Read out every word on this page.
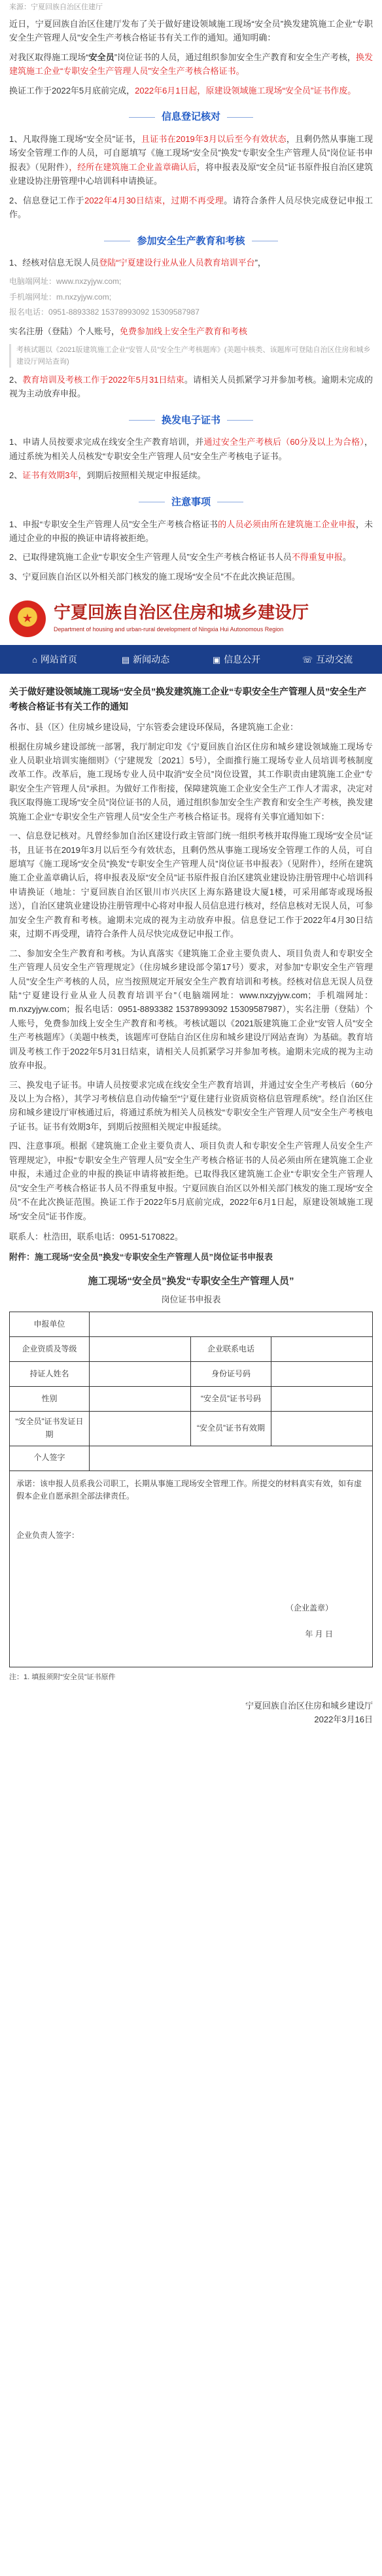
来源：宁夏回族自治区住建厅

近日，宁夏回族自治区住建厅发布了关于做好建设领域施工现场“安全员”换发建筑施工企业“专职安全生产管理人员”安全生产考核合格证书有关工作的通知。通知明确：

对我区取得施工现场“安全员”岗位证书的人员，通过组织参加安全生产教育和安全生产考核，换发建筑施工企业“专职安全生产管理人员”安全生产考核合格证书。

换证工作于2022年5月底前完成，2022年6月1日起，原建设领域施工现场“安全员”证书作废。

信息登记核对

1、凡取得施工现场“安全员”证书，且证书在2019年3月以后至今有效状态，且剩仍然从事施工现场安全管理工作的人员，可自愿填写《施工现场“安全员”换发“专职安全生产管理人员”岗位证书申报表》（见附件），经所在建筑施工企业盖章确认后，将申报表及原“安全员”证书原件报自治区建筑业建设协注册管理中心培训科申请换证。

2、信息登记工作于2022年4月30日结束，过期不再受理。请符合条件人员尽快完成登记申报工作。

参加安全生产教育和考核

1、经核对信息无误人员登陆“宁夏建设行业从业人员教育培训平台”，

电脑端网址：www.nxzyjyw.com;
手机端网址：m.nxzyjyw.com;
报名电话：0951-8893382 15378993092 15309587987

实名注册（登陆）个人账号，免费参加线上安全生产教育和考核

考核试题以《2021版建筑施工企业“安管人员”安全生产考核题库》(美题中核类、该题库可登陆自治区住房和城乡建设厅网站查询)

2、教育培训及考核工作于2022年5月31日结束。请相关人员抓紧学习并参加考核。逾期未完成的视为主动放弃申报。

换发电子证书

1、申请人员按要求完成在线安全生产教育培训，并通过安全生产考核后（60分及以上为合格），通过系统为相关人员核发“专职安全生产管理人员”安全生产考核电子证书。

2、证书有效期3年，到期后按照相关规定申报延续。

注意事项

1、申报“专职安全生产管理人员”安全生产考核合格证书的人员必须由所在建筑施工企业申报，未通过企业的申报的换证申请将被拒绝。

2、已取得建筑施工企业“专职安全生产管理人员”安全生产考核合格证书人员不得重复申报。

3、宁夏回族自治区以外相关部门核发的施工现场“安全员”不在此次换证范围。

★ 宁夏回族自治区住房和城乡建设厅
Department of housing and urban-rural development of Ningxia Hui Autonomous Region
⌂ 网站首页	▤ 新闻动态	▣ 信息公开	☏ 互动交流
关于做好建设领域施工现场“安全员”换发建筑施工企业“专职安全生产管理人员”安全生产考核合格证书有关工作的通知

各市、县（区）住房城乡建设局，宁东管委会建设环保局，各建筑施工企业：

根据住房城乡建设部统一部署，我厅制定印发《宁夏回族自治区住房和城乡建设领域施工现场专业人员职业培训实施细则》（宁建规发〔2021〕5号），全面推行施工现场专业人员培训考核制度改革工作。改革后，施工现场专业人员中取消“安全员”岗位设置，其工作职责由建筑施工企业“专职安全生产管理人员”承担。为做好工作衔接，保障建筑施工企业安全生产工作人才需求，决定对我区取得施工现场“安全员”岗位证书的人员，通过组织参加安全生产教育和安全生产考核，换发建筑施工企业“专职安全生产管理人员”安全生产考核合格证书。现将有关事宜通知如下：

一、信息登记核对。凡曾经参加自治区建设行政主管部门统一组织考核并取得施工现场“安全员”证书，且证书在2019年3月以后至今有效状态，且剩仍然从事施工现场安全管理工作的人员，可自愿填写《施工现场“安全员”换发“专职安全生产管理人员”岗位证书申报表》（见附件），经所在建筑施工企业盖章确认后，将申报表及原“安全员”证书原件报自治区建筑业建设协注册管理中心培训科申请换证（地址：宁夏回族自治区银川市兴庆区上海东路建设大厦1楼，可采用邮寄或现场报送），自治区建筑业建设协注册管理中心将对申报人员信息进行核对，经信息核对无误人员，可参加安全生产教育和考核。逾期未完成的视为主动放弃申报。信息登记工作于2022年4月30日结束，过期不再受理，请符合条件人员尽快完成登记申报工作。

二、参加安全生产教育和考核。为认真落实《建筑施工企业主要负责人、项目负责人和专职安全生产管理人员安全生产管理规定》（住房城乡建设部令第17号）要求，对参加“专职安全生产管理人员”安全生产考核的人员，应当按照规定开展安全生产教育培训和考核。经核对信息无误人员登陆“宁夏建设行业从业人员教育培训平台”（电脑端网址：www.nxzyjyw.com；手机端网址：m.nxzyjyw.com；报名电话：0951-8893382 15378993092 15309587987），实名注册（登陆）个人账号，免费参加线上安全生产教育和考核。考核试题以《2021版建筑施工企业“安管人员”安全生产考核题库》（美题中核类，该题库可登陆自治区住房和城乡建设厅网站查询）为基础。教育培训及考核工作于2022年5月31日结束，请相关人员抓紧学习并参加考核。逾期未完成的视为主动放弃申报。

三、换发电子证书。申请人员按要求完成在线安全生产教育培训，并通过安全生产考核后（60分及以上为合格），其学习考核信息自动传输至“宁夏住建行业资质资格信息管理系统”。经自治区住房和城乡建设厅审核通过后，将通过系统为相关人员核发“专职安全生产管理人员”安全生产考核电子证书。证书有效期3年，到期后按照相关规定申报延续。

四、注意事项。根据《建筑施工企业主要负责人、项目负责人和专职安全生产管理人员安全生产管理规定》，申报“专职安全生产管理人员”安全生产考核合格证书的人员必须由所在建筑施工企业申报，未通过企业的申报的换证申请将被拒绝。已取得我区建筑施工企业“专职安全生产管理人员”安全生产考核合格证书人员不得重复申报。宁夏回族自治区以外相关部门核发的施工现场“安全员”不在此次换证范围。换证工作于2022年5月底前完成，2022年6月1日起，原建设领域施工现场“安全员”证书作废。

联系人：杜浩田，联系电话：0951-5170822。

附件：施工现场“安全员”换发“专职安全生产管理人员”岗位证书申报表

施工现场“安全员”换发“专职安全生产管理人员”
岗位证书申报表
申报单位			
企业资质及等级		企业联系电话	
持证人姓名		身份证号码	
性别		“安全员”证书号码	
“安全员”证书发证日期		“安全员”证书有效期	
个人签字			
承诺：该申报人员系我公司职工，长期从事施工现场安全管理工作。所提交的材料真实有效，如有虚假本企业自愿承担全部法律责任。
企业负责人签字：
（企业盖章）
年 月 日
注：1. 填报须附“安全员”证书原件
宁夏回族自治区住房和城乡建设厅
2022年3月16日
